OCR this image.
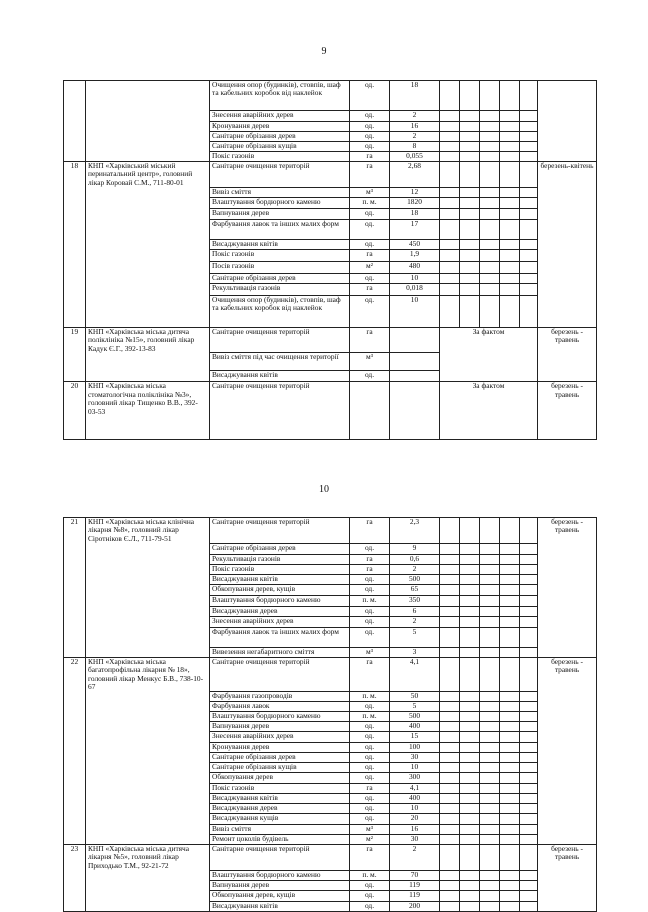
9
		Очищення опор (будинків), стовпів, шаф та кабельних коробок від наклейок	од.	18						
		Знесення аварійних дерев	од.	2						
		Кронування дерев	од.	16						
		Санітарне обрізання дерев	од.	2						
		Санітарне обрізання кущів	од.	8						
		Покіс газонів	га	0,055						
18	КНП «Харківський міський перинатальний центр», головний лікар Коровай С.М., 711-80-01	Санітарне очищення територій	га	2,68						березень-квітень
		Вивіз сміття	м³	12						
		Влаштування бордюрного каменю	п. м.	1820						
		Вапнування дерев	од.	18						
		Фарбування лавок та інших малих форм	од.	17						
		Висаджування квітів	од.	450						
		Покіс газонів	га	1,9						
		Посів газонів	м²	480						
		Санітарне обрізання дерев	од.	10						
		Рекультивація газонів	га	0,018						
		Очищення опор (будинків), стовпів, шаф та кабельних коробок від наклейок	од.	10						
19	КНП «Харківська міська дитяча поліклініка №15», головний лікар Кадук Є.Г., 392-13-83	Санітарне очищення територій	га		За фактом					березень - травень
		Вивіз сміття під час очищення території	м³							
		Висаджування квітів	од.							
20	КНП «Харківська міська стоматологічна поліклініка №3», головний лікар Тищенко В.В., 392-03-53	Санітарне очищення територій			За фактом					березень - травень
10
21	КНП «Харківська міська клінічна лікарня №8», головний лікар Сіротніков Є.Л., 711-79-51	Санітарне очищення територій	га	2,3						березень - травень
		Санітарне обрізання дерев	од.	9						
		Рекультивація газонів	га	0,6						
		Покіс газонів	га	2						
		Висаджування квітів	од.	500						
		Обкопування дерев, кущів	од.	65						
		Влаштування бордюрного каменю	п. м.	350						
		Висаджування дерев	од.	6						
		Знесення аварійних дерев	од.	2						
		Фарбування лавок та інших малих форм	од.	5						
		Вивезення негабаритного сміття	м³	3						
22	КНП «Харківська міська багатопрофільна лікарня № 18», головний лікар Менкус Б.В., 738-10-67	Санітарне очищення територій	га	4,1						березень - травень
		Фарбування газопроводів	п. м.	50						
		Фарбування лавок	од.	5						
		Влаштування бордюрного каменю	п. м.	500						
		Вапнування дерев	од.	400						
		Знесення аварійних дерев	од.	15						
		Кронування дерев	од.	100						
		Санітарне обрізання дерев	од.	30						
		Санітарне обрізання кущів	од.	10						
		Обкопування дерев	од.	300						
		Покіс газонів	га	4,1						
		Висаджування квітів	од.	400						
		Висаджування дерев	од.	10						
		Висаджування кущів	од.	20						
		Вивіз сміття	м³	16						
		Ремонт цоколів будівель	м²	30						
23	КНП «Харківська міська дитяча лікарня №5», головний лікар Приходько Т.М., 92-21-72	Санітарне очищення територій	га	2						березень - травень
		Влаштування бордюрного каменю	п. м.	70						
		Вапнування дерев	од.	119						
		Обкопування дерев, кущів	од.	119						
		Висаджування квітів	од.	200						
